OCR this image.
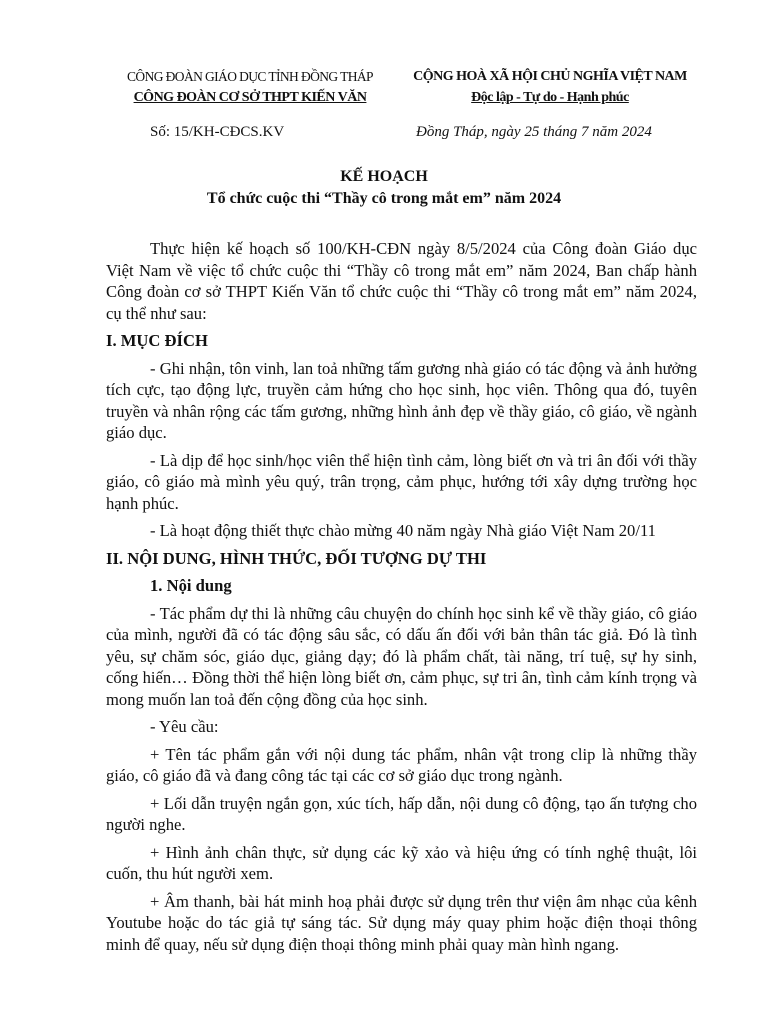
CÔNG ĐOÀN GIÁO DỤC TỈNH ĐỒNG THÁP
CÔNG ĐOÀN CƠ SỞ THPT KIẾN VĂN
CỘNG HOÀ XÃ HỘI CHỦ NGHĨA VIỆT NAM
Độc lập - Tự do - Hạnh phúc
Số: 15/KH-CĐCS.KV	Đồng Tháp, ngày 25 tháng 7 năm 2024
KẾ HOẠCH
Tổ chức cuộc thi “Thầy cô trong mắt em” năm 2024

Thực hiện kế hoạch số 100/KH-CĐN ngày 8/5/2024 của Công đoàn Giáo dục Việt Nam về việc tổ chức cuộc thi “Thầy cô trong mắt em” năm 2024, Ban chấp hành Công đoàn cơ sở THPT Kiến Văn tổ chức cuộc thi “Thầy cô trong mắt em” năm 2024, cụ thể như sau:

I. MỤC ĐÍCH

- Ghi nhận, tôn vinh, lan toả những tấm gương nhà giáo có tác động và ảnh hưởng tích cực, tạo động lực, truyền cảm hứng cho học sinh, học viên. Thông qua đó, tuyên truyền và nhân rộng các tấm gương, những hình ảnh đẹp về thầy giáo, cô giáo, về ngành giáo dục.

- Là dịp để học sinh/học viên thể hiện tình cảm, lòng biết ơn và tri ân đối với thầy giáo, cô giáo mà mình yêu quý, trân trọng, cảm phục, hướng tới xây dựng trường học hạnh phúc.

- Là hoạt động thiết thực chào mừng 40 năm ngày Nhà giáo Việt Nam 20/11

II. NỘI DUNG, HÌNH THỨC, ĐỐI TƯỢNG DỰ THI
1. Nội dung

- Tác phẩm dự thi là những câu chuyện do chính học sinh kể về thầy giáo, cô giáo của mình, người đã có tác động sâu sắc, có dấu ấn đối với bản thân tác giả. Đó là tình yêu, sự chăm sóc, giáo dục, giảng dạy; đó là phẩm chất, tài năng, trí tuệ, sự hy sinh, cống hiến… Đồng thời thể hiện lòng biết ơn, cảm phục, sự tri ân, tình cảm kính trọng và mong muốn lan toả đến cộng đồng của học sinh.

- Yêu cầu:

+ Tên tác phẩm gắn với nội dung tác phẩm, nhân vật trong clip là những thầy giáo, cô giáo đã và đang công tác tại các cơ sở giáo dục trong ngành.

+ Lối dẫn truyện ngắn gọn, xúc tích, hấp dẫn, nội dung cô động, tạo ấn tượng cho người nghe.

+ Hình ảnh chân thực, sử dụng các kỹ xảo và hiệu ứng có tính nghệ thuật, lôi cuốn, thu hút người xem.

+ Âm thanh, bài hát minh hoạ phải được sử dụng trên thư viện âm nhạc của kênh Youtube hoặc do tác giả tự sáng tác. Sử dụng máy quay phim hoặc điện thoại thông minh để quay, nếu sử dụng điện thoại thông minh phải quay màn hình ngang.
